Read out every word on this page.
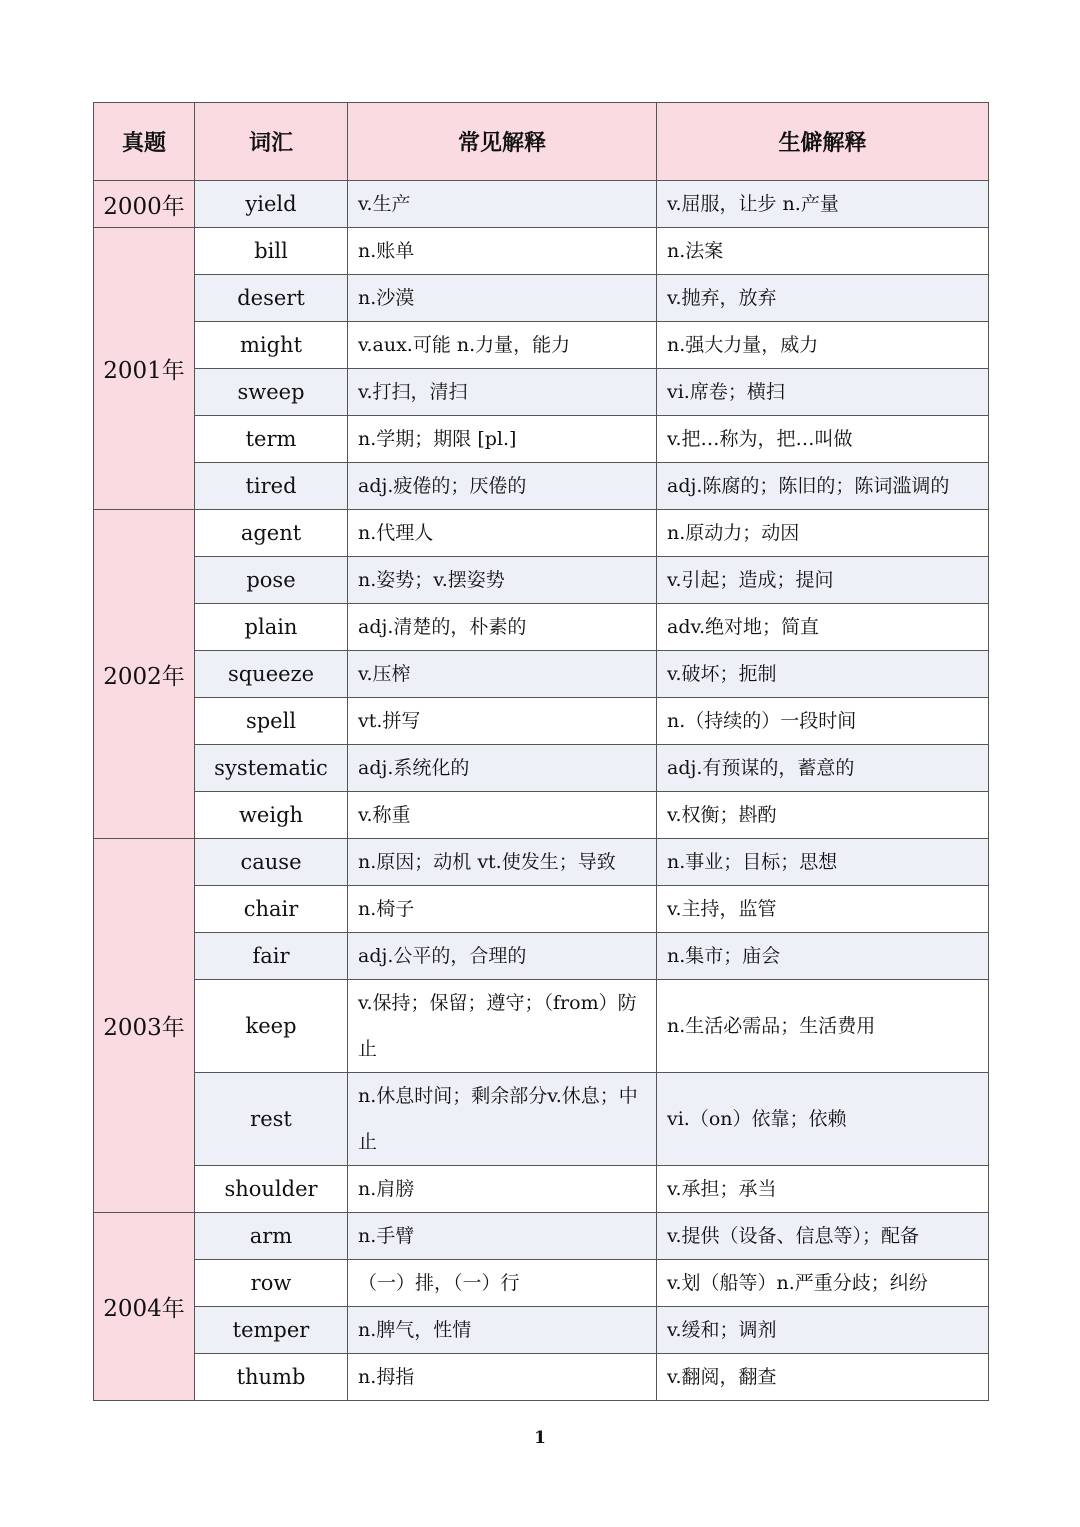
真题	词汇	常见解释	生僻解释
2000年	yield	v.生产	v.屈服，让步 n.产量
2001年	bill	n.账单	n.法案
	desert	n.沙漠	v.抛弃，放弃
	might	v.aux.可能 n.力量，能力	n.强大力量，威力
	sweep	v.打扫，清扫	vi.席卷；横扫
	term	n.学期；期限 [pl.]	v.把…称为，把…叫做
	tired	adj.疲倦的；厌倦的	adj.陈腐的；陈旧的；陈词滥调的
2002年	agent	n.代理人	n.原动力；动因
	pose	n.姿势；v.摆姿势	v.引起；造成；提问
	plain	adj.清楚的，朴素的	adv.绝对地；简直
	squeeze	v.压榨	v.破坏；扼制
	spell	vt.拼写	n.（持续的）一段时间
	systematic	adj.系统化的	adj.有预谋的，蓄意的
	weigh	v.称重	v.权衡；斟酌
2003年	cause	n.原因；动机 vt.使发生；导致	n.事业；目标；思想
	chair	n.椅子	v.主持，监管
	fair	adj.公平的，合理的	n.集市；庙会
	keep	v.保持；保留；遵守；（from）防止	n.生活必需品；生活费用
	rest	n.休息时间；剩余部分v.休息；中止	vi.（on）依靠；依赖
	shoulder	n.肩膀	v.承担；承当
2004年	arm	n.手臂	v.提供（设备、信息等）；配备
	row	（一）排，（一）行	v.划（船等）n.严重分歧；纠纷
	temper	n.脾气，性情	v.缓和；调剂
	thumb	n.拇指	v.翻阅，翻查
1
